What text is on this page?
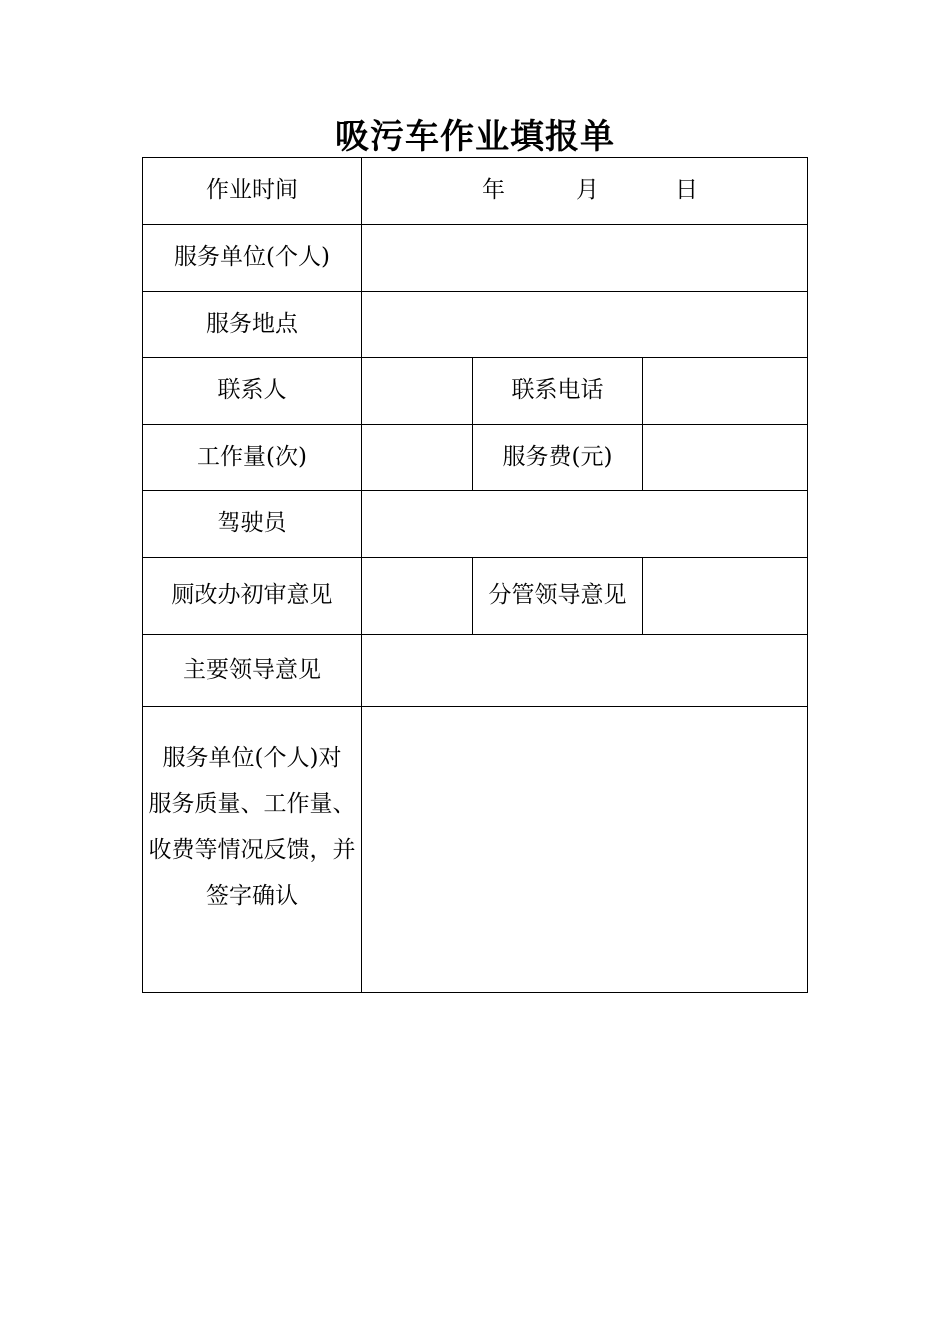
吸污车作业填报单
作业时间	年 月 日		

服务单位(个人)			
服务地点			
联系人		联系电话	
工作量(次)		服务费(元)	
驾驶员			
厕改办初审意见		分管领导意见	
主要领导意见			

服务单位(个人)对
服务质量、工作量、
收费等情况反馈，并
签字确认			
